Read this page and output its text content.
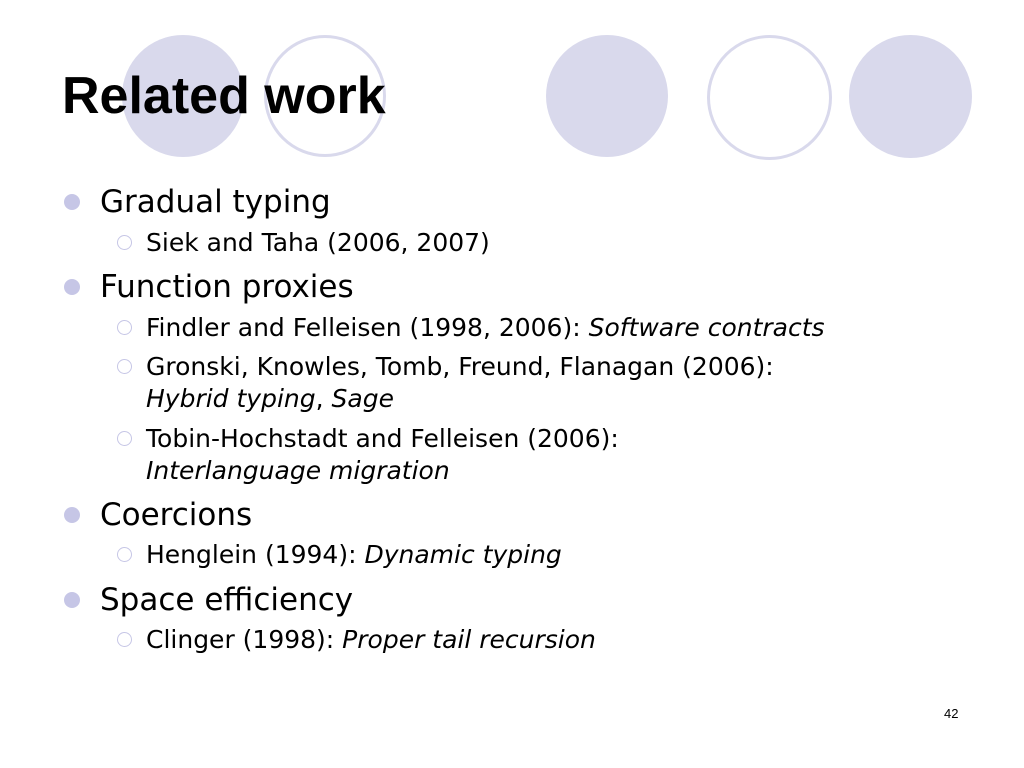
Related work
Gradual typing
Siek and Taha (2006, 2007)
Function proxies
Findler and Felleisen (1998, 2006): Software contracts
Gronski, Knowles, Tomb, Freund, Flanagan (2006):
Hybrid typing, Sage
Tobin-Hochstadt and Felleisen (2006):
Interlanguage migration
Coercions
Henglein (1994): Dynamic typing
Space efficiency
Clinger (1998): Proper tail recursion
42
